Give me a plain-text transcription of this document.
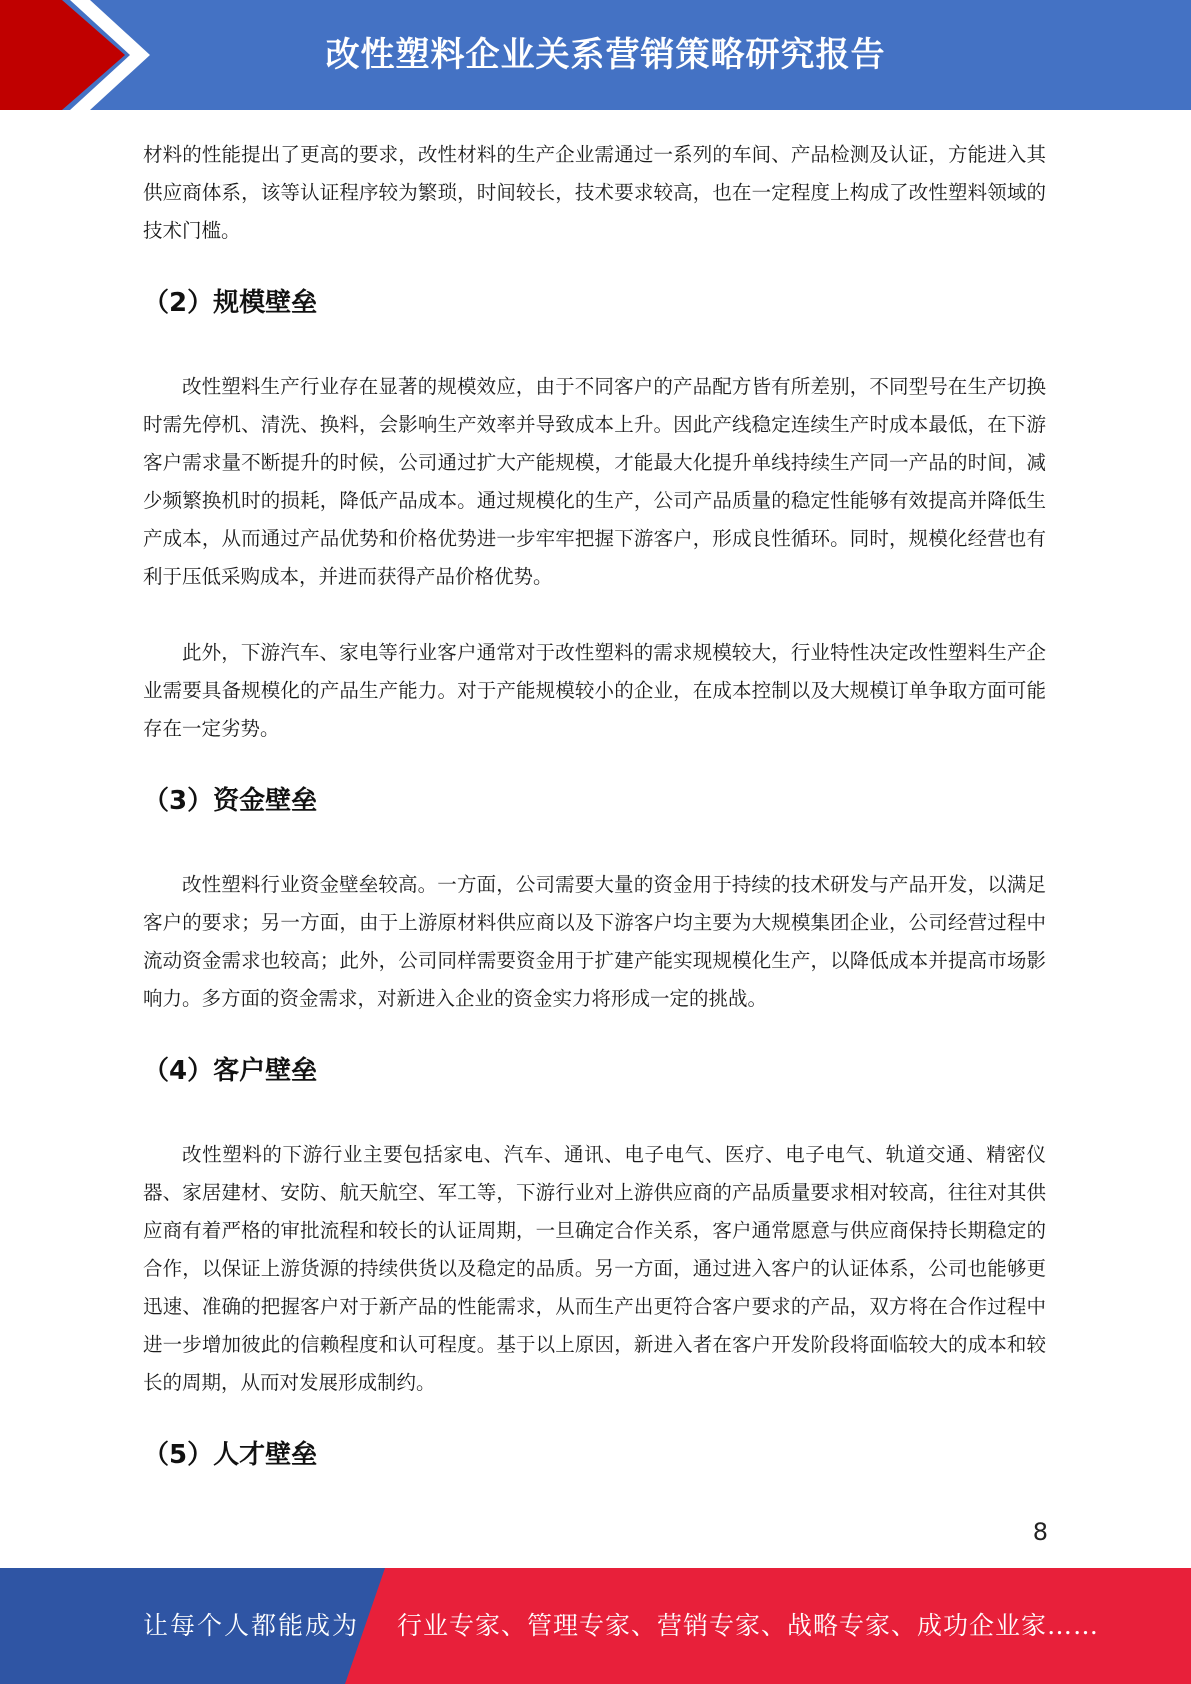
改性塑料企业关系营销策略研究报告

材料的性能提出了更高的要求，改性材料的生产企业需通过一系列的车间、产品检测及认证，方能进入其供应商体系，该等认证程序较为繁琐，时间较长，技术要求较高，也在一定程度上构成了改性塑料领域的技术门槛。

（2）规模壁垒

改性塑料生产行业存在显著的规模效应，由于不同客户的产品配方皆有所差别，不同型号在生产切换时需先停机、清洗、换料，会影响生产效率并导致成本上升。因此产线稳定连续生产时成本最低，在下游客户需求量不断提升的时候，公司通过扩大产能规模，才能最大化提升单线持续生产同一产品的时间，减少频繁换机时的损耗，降低产品成本。通过规模化的生产，公司产品质量的稳定性能够有效提高并降低生产成本，从而通过产品优势和价格优势进一步牢牢把握下游客户，形成良性循环。同时，规模化经营也有利于压低采购成本，并进而获得产品价格优势。

此外，下游汽车、家电等行业客户通常对于改性塑料的需求规模较大，行业特性决定改性塑料生产企业需要具备规模化的产品生产能力。对于产能规模较小的企业，在成本控制以及大规模订单争取方面可能存在一定劣势。

（3）资金壁垒

改性塑料行业资金壁垒较高。一方面，公司需要大量的资金用于持续的技术研发与产品开发，以满足客户的要求；另一方面，由于上游原材料供应商以及下游客户均主要为大规模集团企业，公司经营过程中流动资金需求也较高；此外，公司同样需要资金用于扩建产能实现规模化生产，以降低成本并提高市场影响力。多方面的资金需求，对新进入企业的资金实力将形成一定的挑战。

（4）客户壁垒

改性塑料的下游行业主要包括家电、汽车、通讯、电子电气、医疗、电子电气、轨道交通、精密仪器、家居建材、安防、航天航空、军工等，下游行业对上游供应商的产品质量要求相对较高，往往对其供应商有着严格的审批流程和较长的认证周期，一旦确定合作关系，客户通常愿意与供应商保持长期稳定的合作，以保证上游货源的持续供货以及稳定的品质。另一方面，通过进入客户的认证体系，公司也能够更迅速、准确的把握客户对于新产品的性能需求，从而生产出更符合客户要求的产品，双方将在合作过程中进一步增加彼此的信赖程度和认可程度。基于以上原因，新进入者在客户开发阶段将面临较大的成本和较长的周期，从而对发展形成制约。

（5）人才壁垒
8
让每个人都能成为 行业专家、管理专家、营销专家、战略专家、成功企业家……
